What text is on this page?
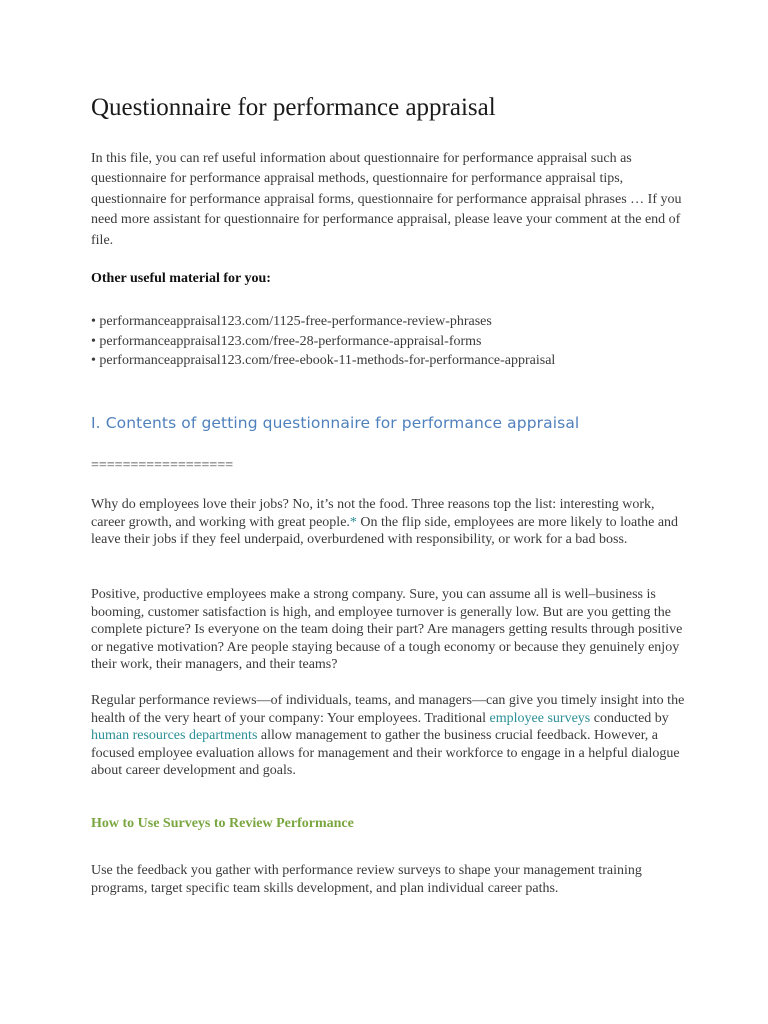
Questionnaire for performance appraisal

In this file, you can ref useful information about questionnaire for performance appraisal such as questionnaire for performance appraisal methods, questionnaire for performance appraisal tips, questionnaire for performance appraisal forms, questionnaire for performance appraisal phrases … If you need more assistant for questionnaire for performance appraisal, please leave your comment at the end of file.

Other useful material for you:

• performanceappraisal123.com/1125-free-performance-review-phrases
• performanceappraisal123.com/free-28-performance-appraisal-forms
• performanceappraisal123.com/free-ebook-11-methods-for-performance-appraisal
I. Contents of getting questionnaire for performance appraisal

==================

Why do employees love their jobs? No, it’s not the food. Three reasons top the list: interesting work, career growth, and working with great people.* On the flip side, employees are more likely to loathe and leave their jobs if they feel underpaid, overburdened with responsibility, or work for a bad boss.

Positive, productive employees make a strong company. Sure, you can assume all is well–business is booming, customer satisfaction is high, and employee turnover is generally low. But are you getting the complete picture? Is everyone on the team doing their part? Are managers getting results through positive or negative motivation? Are people staying because of a tough economy or because they genuinely enjoy their work, their managers, and their teams?

Regular performance reviews—of individuals, teams, and managers—can give you timely insight into the health of the very heart of your company: Your employees. Traditional employee surveys conducted by human resources departments allow management to gather the business crucial feedback. However, a focused employee evaluation allows for management and their workforce to engage in a helpful dialogue about career development and goals.

How to Use Surveys to Review Performance

Use the feedback you gather with performance review surveys to shape your management training programs, target specific team skills development, and plan individual career paths.
